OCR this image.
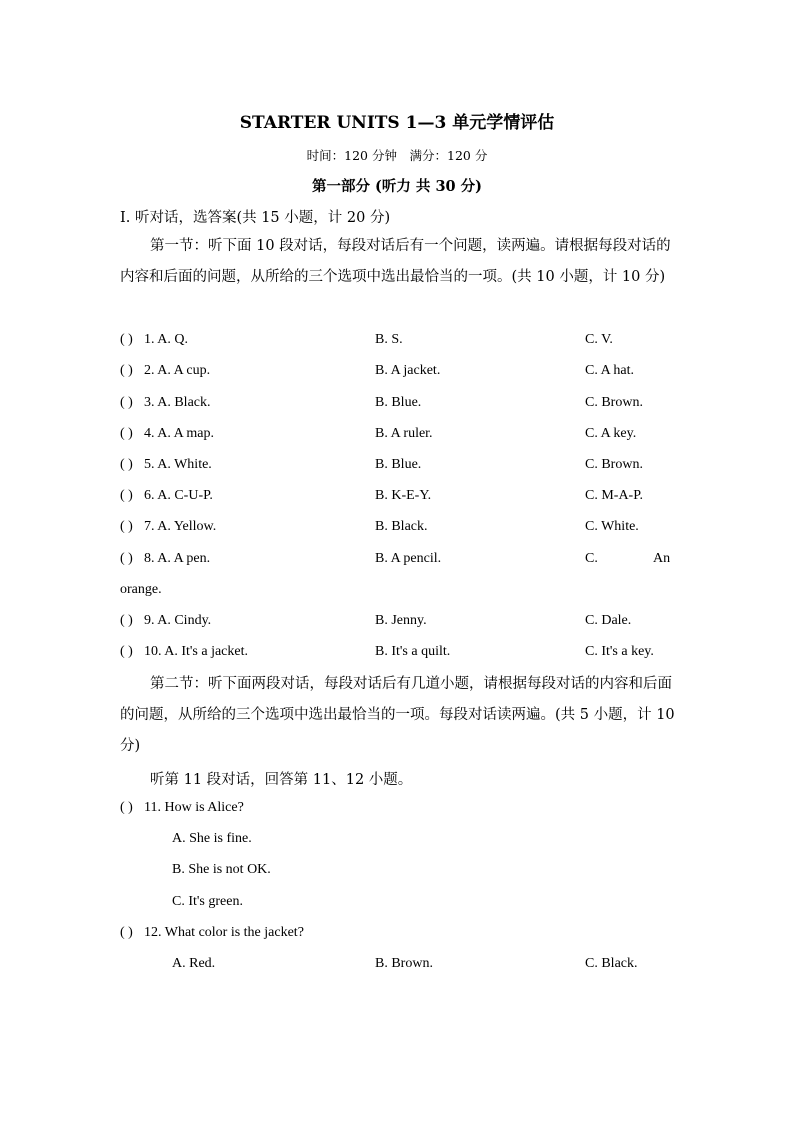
STARTER UNITS 1—3 单元学情评估
时间：120 分钟　满分：120 分
第一部分 (听力 共 30 分)
Ⅰ. 听对话，选答案(共 15 小题，计 20 分)
第一节：听下面 10 段对话，每段对话后有一个问题，读两遍。请根据每段对话的内容和后面的问题，从所给的三个选项中选出最恰当的一项。(共 10 小题，计 10 分)
( ) 1. A. Q.	B. S.	C. V.
( ) 2. A. A cup.	B. A jacket.	C. A hat.
( ) 3. A. Black.	B. Blue.	C. Brown.
( ) 4. A. A map.	B. A ruler.	C. A key.
( ) 5. A. White.	B. Blue.	C. Brown.
( ) 6. A. C-U-P.	B. K-E-Y.	C. M-A-P.
( ) 7. A. Yellow.	B. Black.	C. White.
( ) 8. A. A pen.	B. A pencil.	C.	An
orange.
( ) 9. A. Cindy.	B. Jenny.	C. Dale.
( ) 10. A. It's a jacket.	B. It's a quilt.	C. It's a key.
第二节：听下面两段对话，每段对话后有几道小题，请根据每段对话的内容和后面的问题，从所给的三个选项中选出最恰当的一项。每段对话读两遍。(共 5 小题，计 10 分)
听第 11 段对话，回答第 11、12 小题。
( ) 11. How is Alice?
A. She is fine.
B. She is not OK.
C. It's green.
( ) 12. What color is the jacket?
A. Red.	B. Brown.	C. Black.
